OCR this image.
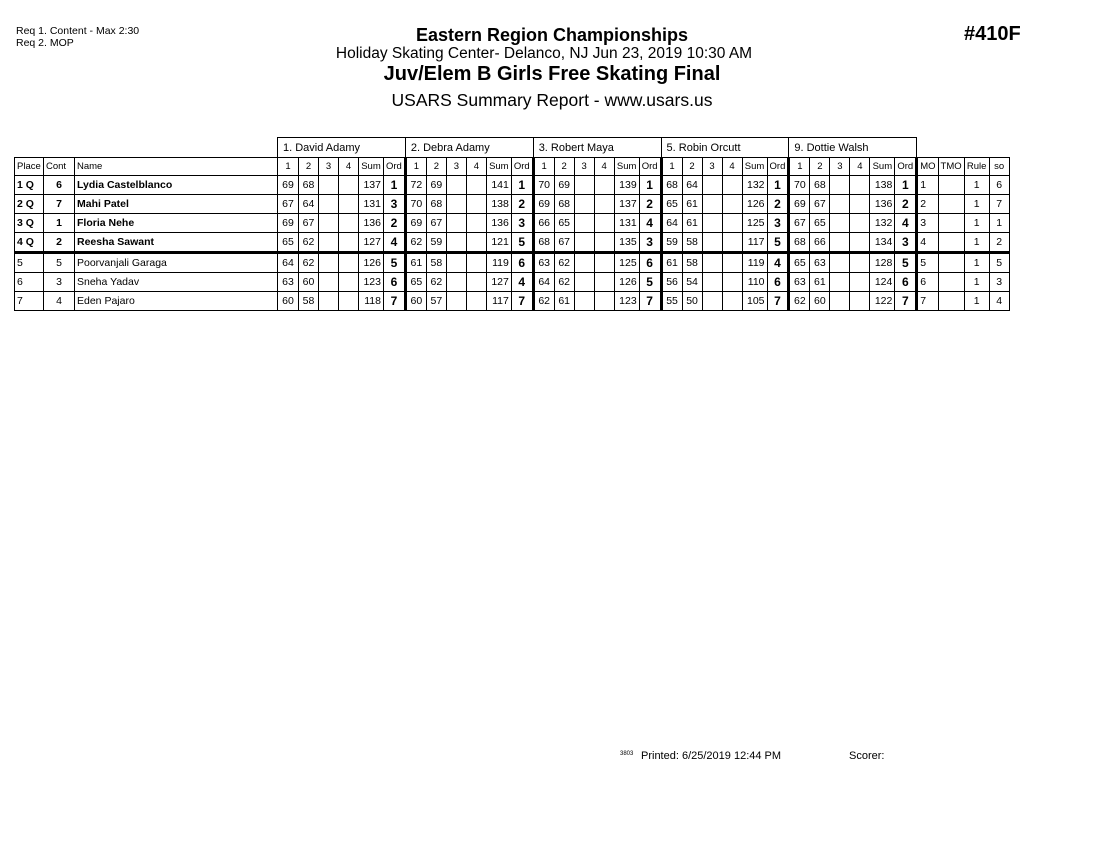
Req 1. Content - Max 2:30
Req 2. MOP	#410F
Eastern Region Championships
Holiday Skating Center- Delanco, NJ Jun 23, 2019 10:30 AM
Juv/Elem B Girls Free Skating Final
USARS Summary Report - www.usars.us
			1. David Adamy						2. Debra Adamy						3. Robert Maya						5. Robin Orcutt						9. Dottie Walsh									
Place	Cont	Name	1	2	3	4	Sum	Ord	1	2	3	4	Sum	Ord	1	2	3	4	Sum	Ord	1	2	3	4	Sum	Ord	1	2	3	4	Sum	Ord	MO	TMO	Rule	so
1 Q	6	Lydia Castelblanco	69	68			137	1	72	69			141	1	70	69			139	1	68	64			132	1	70	68			138	1	1		1	6
2 Q	7	Mahi Patel	67	64			131	3	70	68			138	2	69	68			137	2	65	61			126	2	69	67			136	2	2		1	7
3 Q	1	Floria Nehe	69	67			136	2	69	67			136	3	66	65			131	4	64	61			125	3	67	65			132	4	3		1	1
4 Q	2	Reesha Sawant	65	62			127	4	62	59			121	5	68	67			135	3	59	58			117	5	68	66			134	3	4		1	2
5	5	Poorvanjali Garaga	64	62			126	5	61	58			119	6	63	62			125	6	61	58			119	4	65	63			128	5	5		1	5
6	3	Sneha Yadav	63	60			123	6	65	62			127	4	64	62			126	5	56	54			110	6	63	61			124	6	6		1	3
7	4	Eden Pajaro	60	58			118	7	60	57			117	7	62	61			123	7	55	50			105	7	62	60			122	7	7		1	4
3803 Printed: 6/25/2019 12:44 PM	Scorer:
